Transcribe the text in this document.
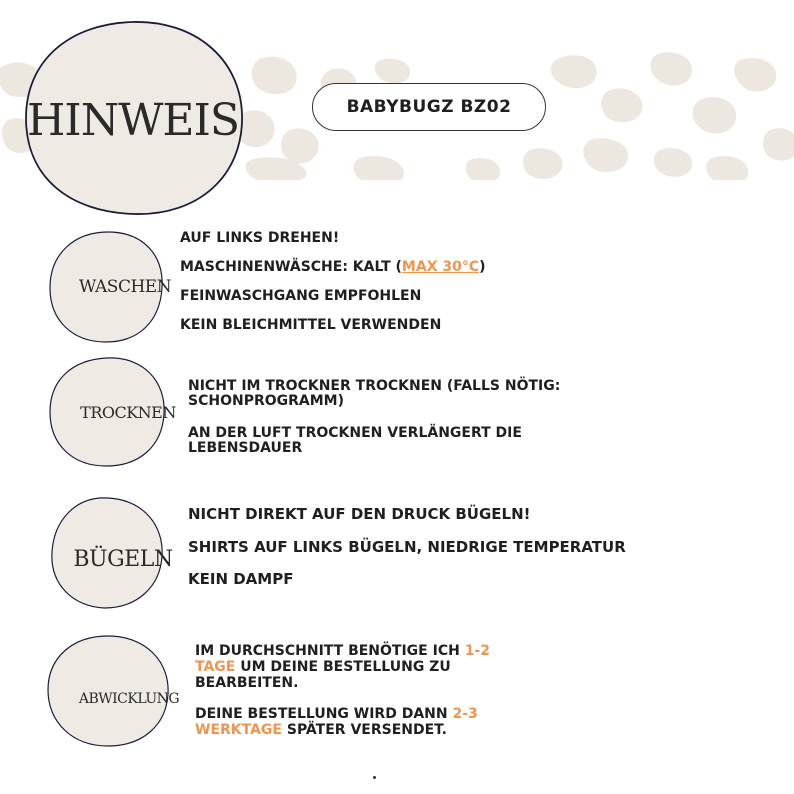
HINWEIS	BABYBUGZ BZ02
WASCHEN
AUF LINKS DREHEN!
MASCHINENWÄSCHE: KALT (MAX 30°C)
FEINWASCHGANG EMPFOHLEN
KEIN BLEICHMITTEL VERWENDEN
TROCKNEN
NICHT IM TROCKNER TROCKNEN (FALLS NÖTIG:
SCHONPROGRAMM)
AN DER LUFT TROCKNEN VERLÄNGERT DIE
LEBENSDAUER
BÜGELN
NICHT DIREKT AUF DEN DRUCK BÜGELN!
SHIRTS AUF LINKS BÜGELN, NIEDRIGE TEMPERATUR
KEIN DAMPF
ABWICKLUNG
IM DURCHSCHNITT BENÖTIGE ICH 1-2
TAGE UM DEINE BESTELLUNG ZU
BEARBEITEN.
DEINE BESTELLUNG WIRD DANN 2-3
WERKTAGE SPÄTER VERSENDET.
